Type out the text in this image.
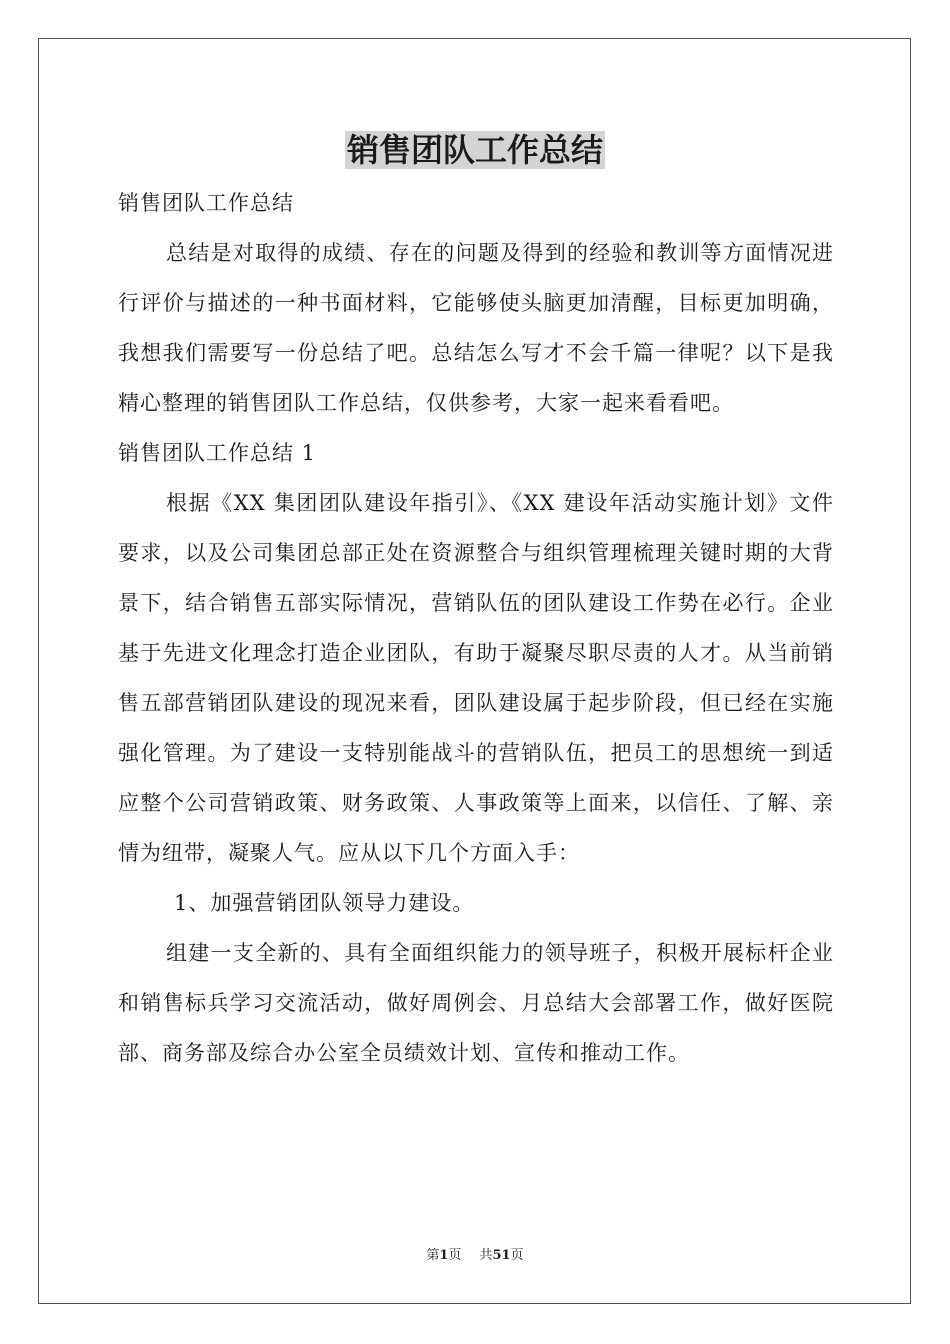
销售团队工作总结

销售团队工作总结

总结是对取得的成绩、存在的问题及得到的经验和教训等方面情况进行评价与描述的一种书面材料，它能够使头脑更加清醒，目标更加明确，我想我们需要写一份总结了吧。总结怎么写才不会千篇一律呢？以下是我精心整理的销售团队工作总结，仅供参考，大家一起来看看吧。

销售团队工作总结 1

根据《XX 集团团队建设年指引》、《XX 建设年活动实施计划》文件要求，以及公司集团总部正处在资源整合与组织管理梳理关键时期的大背景下，结合销售五部实际情况，营销队伍的团队建设工作势在必行。企业基于先进文化理念打造企业团队，有助于凝聚尽职尽责的人才。从当前销售五部营销团队建设的现况来看，团队建设属于起步阶段，但已经在实施强化管理。为了建设一支特别能战斗的营销队伍，把员工的思想统一到适应整个公司营销政策、财务政策、人事政策等上面来，以信任、了解、亲情为纽带，凝聚人气。应从以下几个方面入手：

1、加强营销团队领导力建设。

组建一支全新的、具有全面组织能力的领导班子，积极开展标杆企业和销售标兵学习交流活动，做好周例会、月总结大会部署工作，做好医院部、商务部及综合办公室全员绩效计划、宣传和推动工作。

第1页 共51页
